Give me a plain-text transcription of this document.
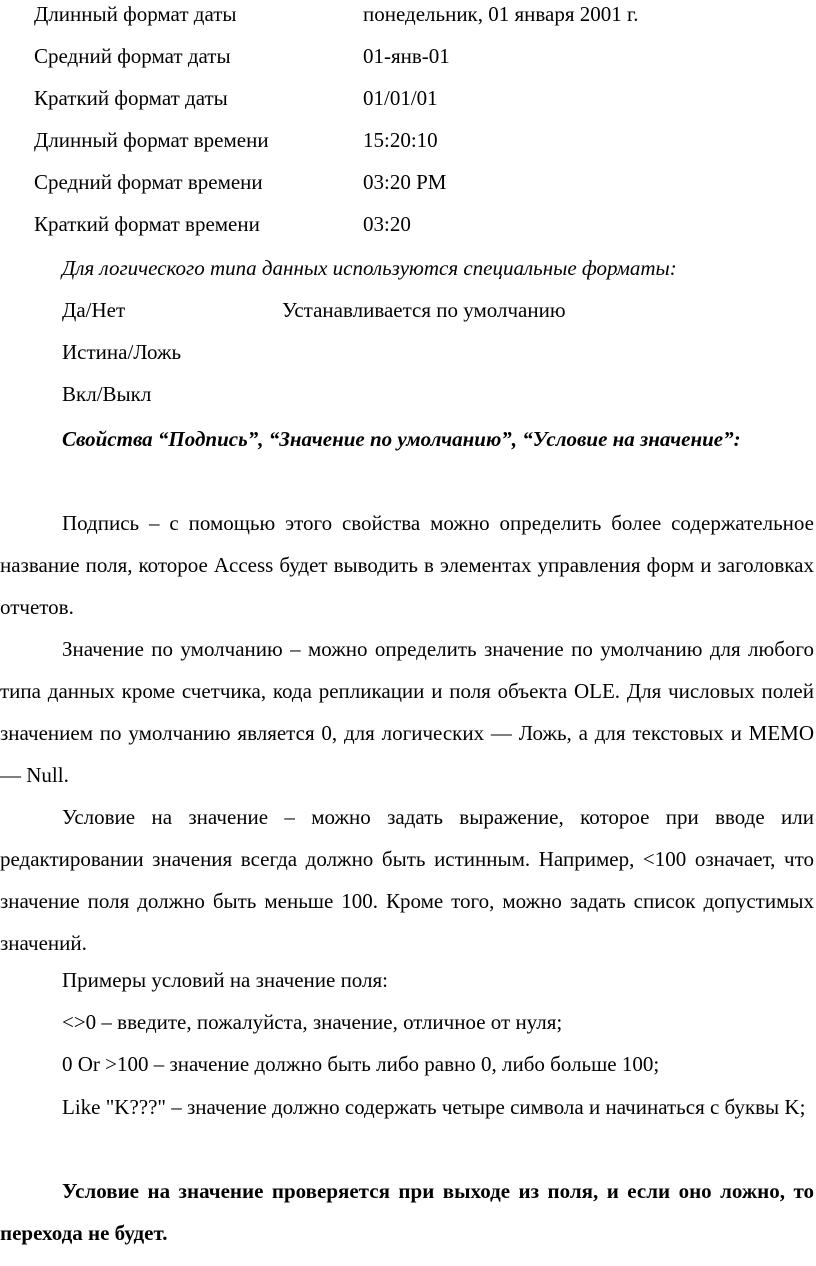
Длинный формат даты	понедельник, 01 января 2001 г.
Средний формат даты	01-янв-01
Краткий формат даты	01/01/01
Длинный формат времени	15:20:10
Средний формат времени	03:20 PM
Краткий формат времени	03:20
Для логического типа данных используются специальные форматы:
Да/Нет	Устанавливается по умолчанию
Истина/Ложь
Вкл/Выкл

Свойства “Подпись”, “Значение по умолчанию”, “Условие на значение”:

Подпись – с помощью этого свойства можно определить более содержательное название поля, которое Access будет выводить в элементах управления форм и заголовках отчетов.

Значение по умолчанию – можно определить значение по умолчанию для любого типа данных кроме счетчика, кода репликации и поля объекта OLE. Для числовых полей значением по умолчанию является 0, для логических — Ложь, а для текстовых и MEMO — Null.

Условие на значение – можно задать выражение, которое при вводе или редактировании значения всегда должно быть истинным. Например, <100 означает, что значение поля должно быть меньше 100. Кроме того, можно задать список допустимых значений.

Примеры условий на значение поля:
<>0 – введите, пожалуйста, значение, отличное от нуля;
0 Or >100 – значение должно быть либо равно 0, либо больше 100;

Like "K???" – значение должно содержать четыре символа и начинаться с буквы K;

Условие на значение проверяется при выходе из поля, и если оно ложно, то перехода не будет.
